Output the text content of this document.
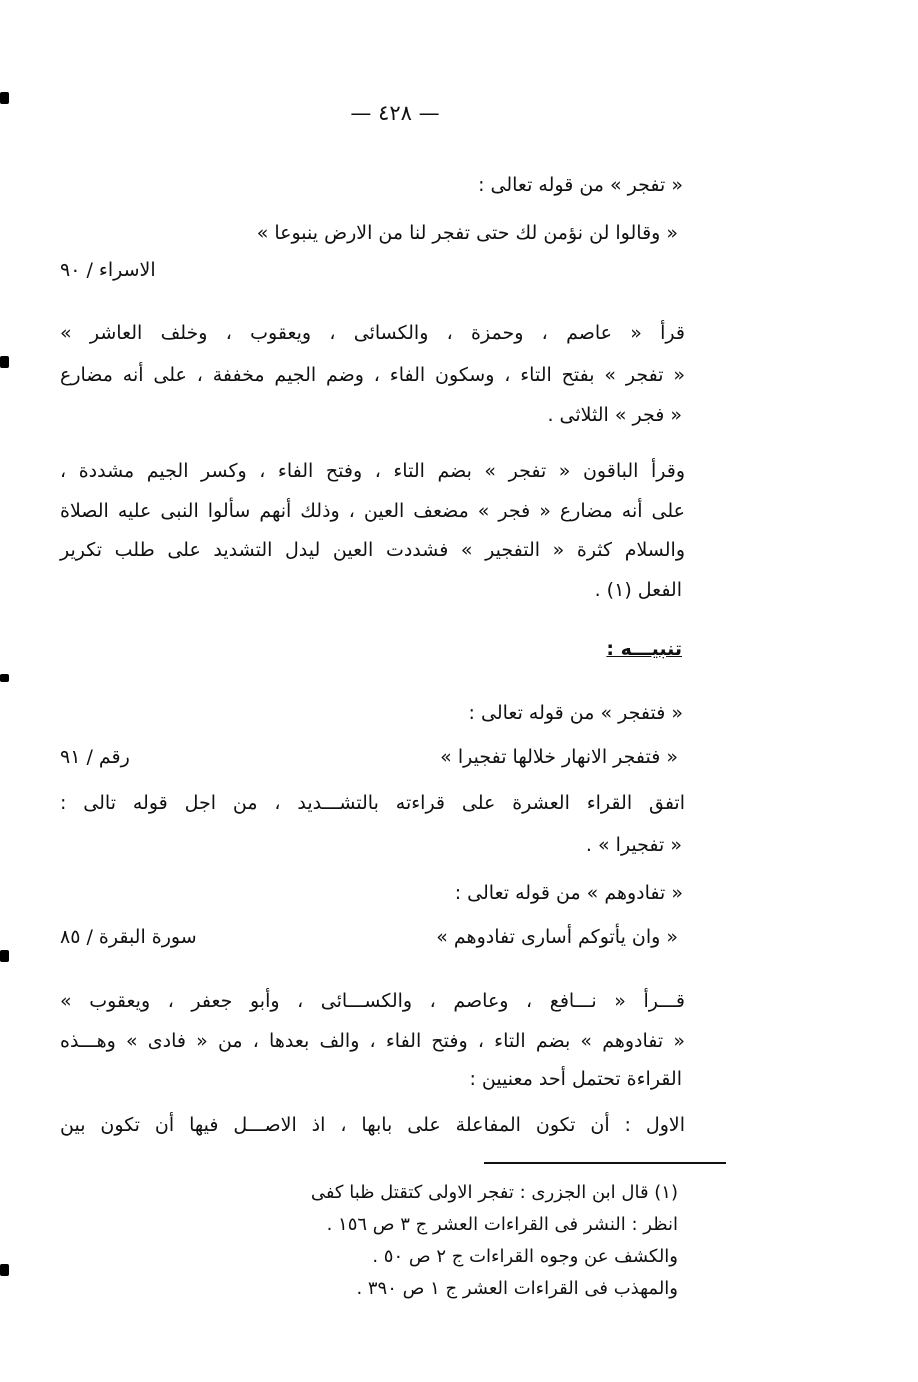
— ٤٢٨ —
« تفجر » من قوله تعالى :
« وقالوا لن نؤمن لك حتى تفجر لنا من الارض ينبوعا »
الاسراء / ٩٠
قرأ « عاصم ، وحمزة ، والكسائى ، ويعقوب ، وخلف العاشر »
« تفجر » بفتح التاء ، وسكون الفاء ، وضم الجيم مخففة ، على أنه مضارع
« فجر » الثلاثى .
وقرأ الباقون « تفجر » بضم التاء ، وفتح الفاء ، وكسر الجيم مشددة ،
على أنه مضارع « فجر » مضعف العين ، وذلك أنهم سألوا النبى عليه الصلاة
والسلام كثرة « التفجير » فشددت العين ليدل التشديد على طلب تكرير
الفعل (١) .
تنبيـــه :
« فتفجر » من قوله تعالى :
« فتفجر الانهار خلالها تفجيرا »
رقم / ٩١
اتفق القراء العشرة على قراءته بالتشـــديد ، من اجل قوله تالى :
« تفجيرا » .
« تفادوهم » من قوله تعالى :
« وان يأتوكم أسارى تفادوهم »
سورة البقرة / ٨٥
قـــرأ « نـــافع ، وعاصم ، والكســـائى ، وأبو جعفر ، ويعقوب »
« تفادوهم » بضم التاء ، وفتح الفاء ، والف بعدها ، من « فادى » وهـــذه
القراءة تحتمل أحد معنيين :
الاول : أن تكون المفاعلة على بابها ، اذ الاصـــل فيها أن تكون بين
(١) قال ابن الجزرى : تفجر الاولى كتقتل ظبا كفى
انظر : النشر فى القراءات العشر ج ٣ ص ١٥٦ .
والكشف عن وجوه القراءات ج ٢ ص ٥٠ .
والمهذب فى القراءات العشر ج ١ ص ٣٩٠ .
